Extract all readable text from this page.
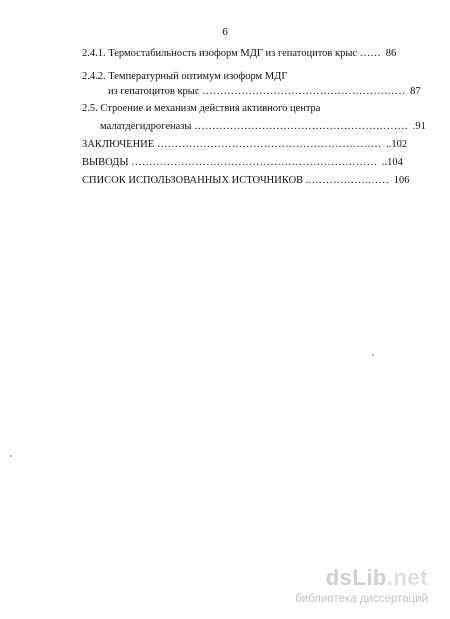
6
2.4.1. Термостабильность изоформ МДГ из гепатоцитов крыс …… 86
2.4.2. Температурный оптимум изоформ МДГ
из гепатоцитов крыс ………………………………………………… 87
2.5. Строение и механизм действия активного центра
малатдегидрогеназы …………………………………………………… .91
ЗАКЛЮЧЕНИЕ ……………………………………………………… ..102
ВЫВОДЫ …………………………………………………………… ..104
СПИСОК ИСПОЛЬЗОВАННЫХ ИСТОЧНИКОВ ..…………….…… 106
dsLib.net
библиотека диссертаций
